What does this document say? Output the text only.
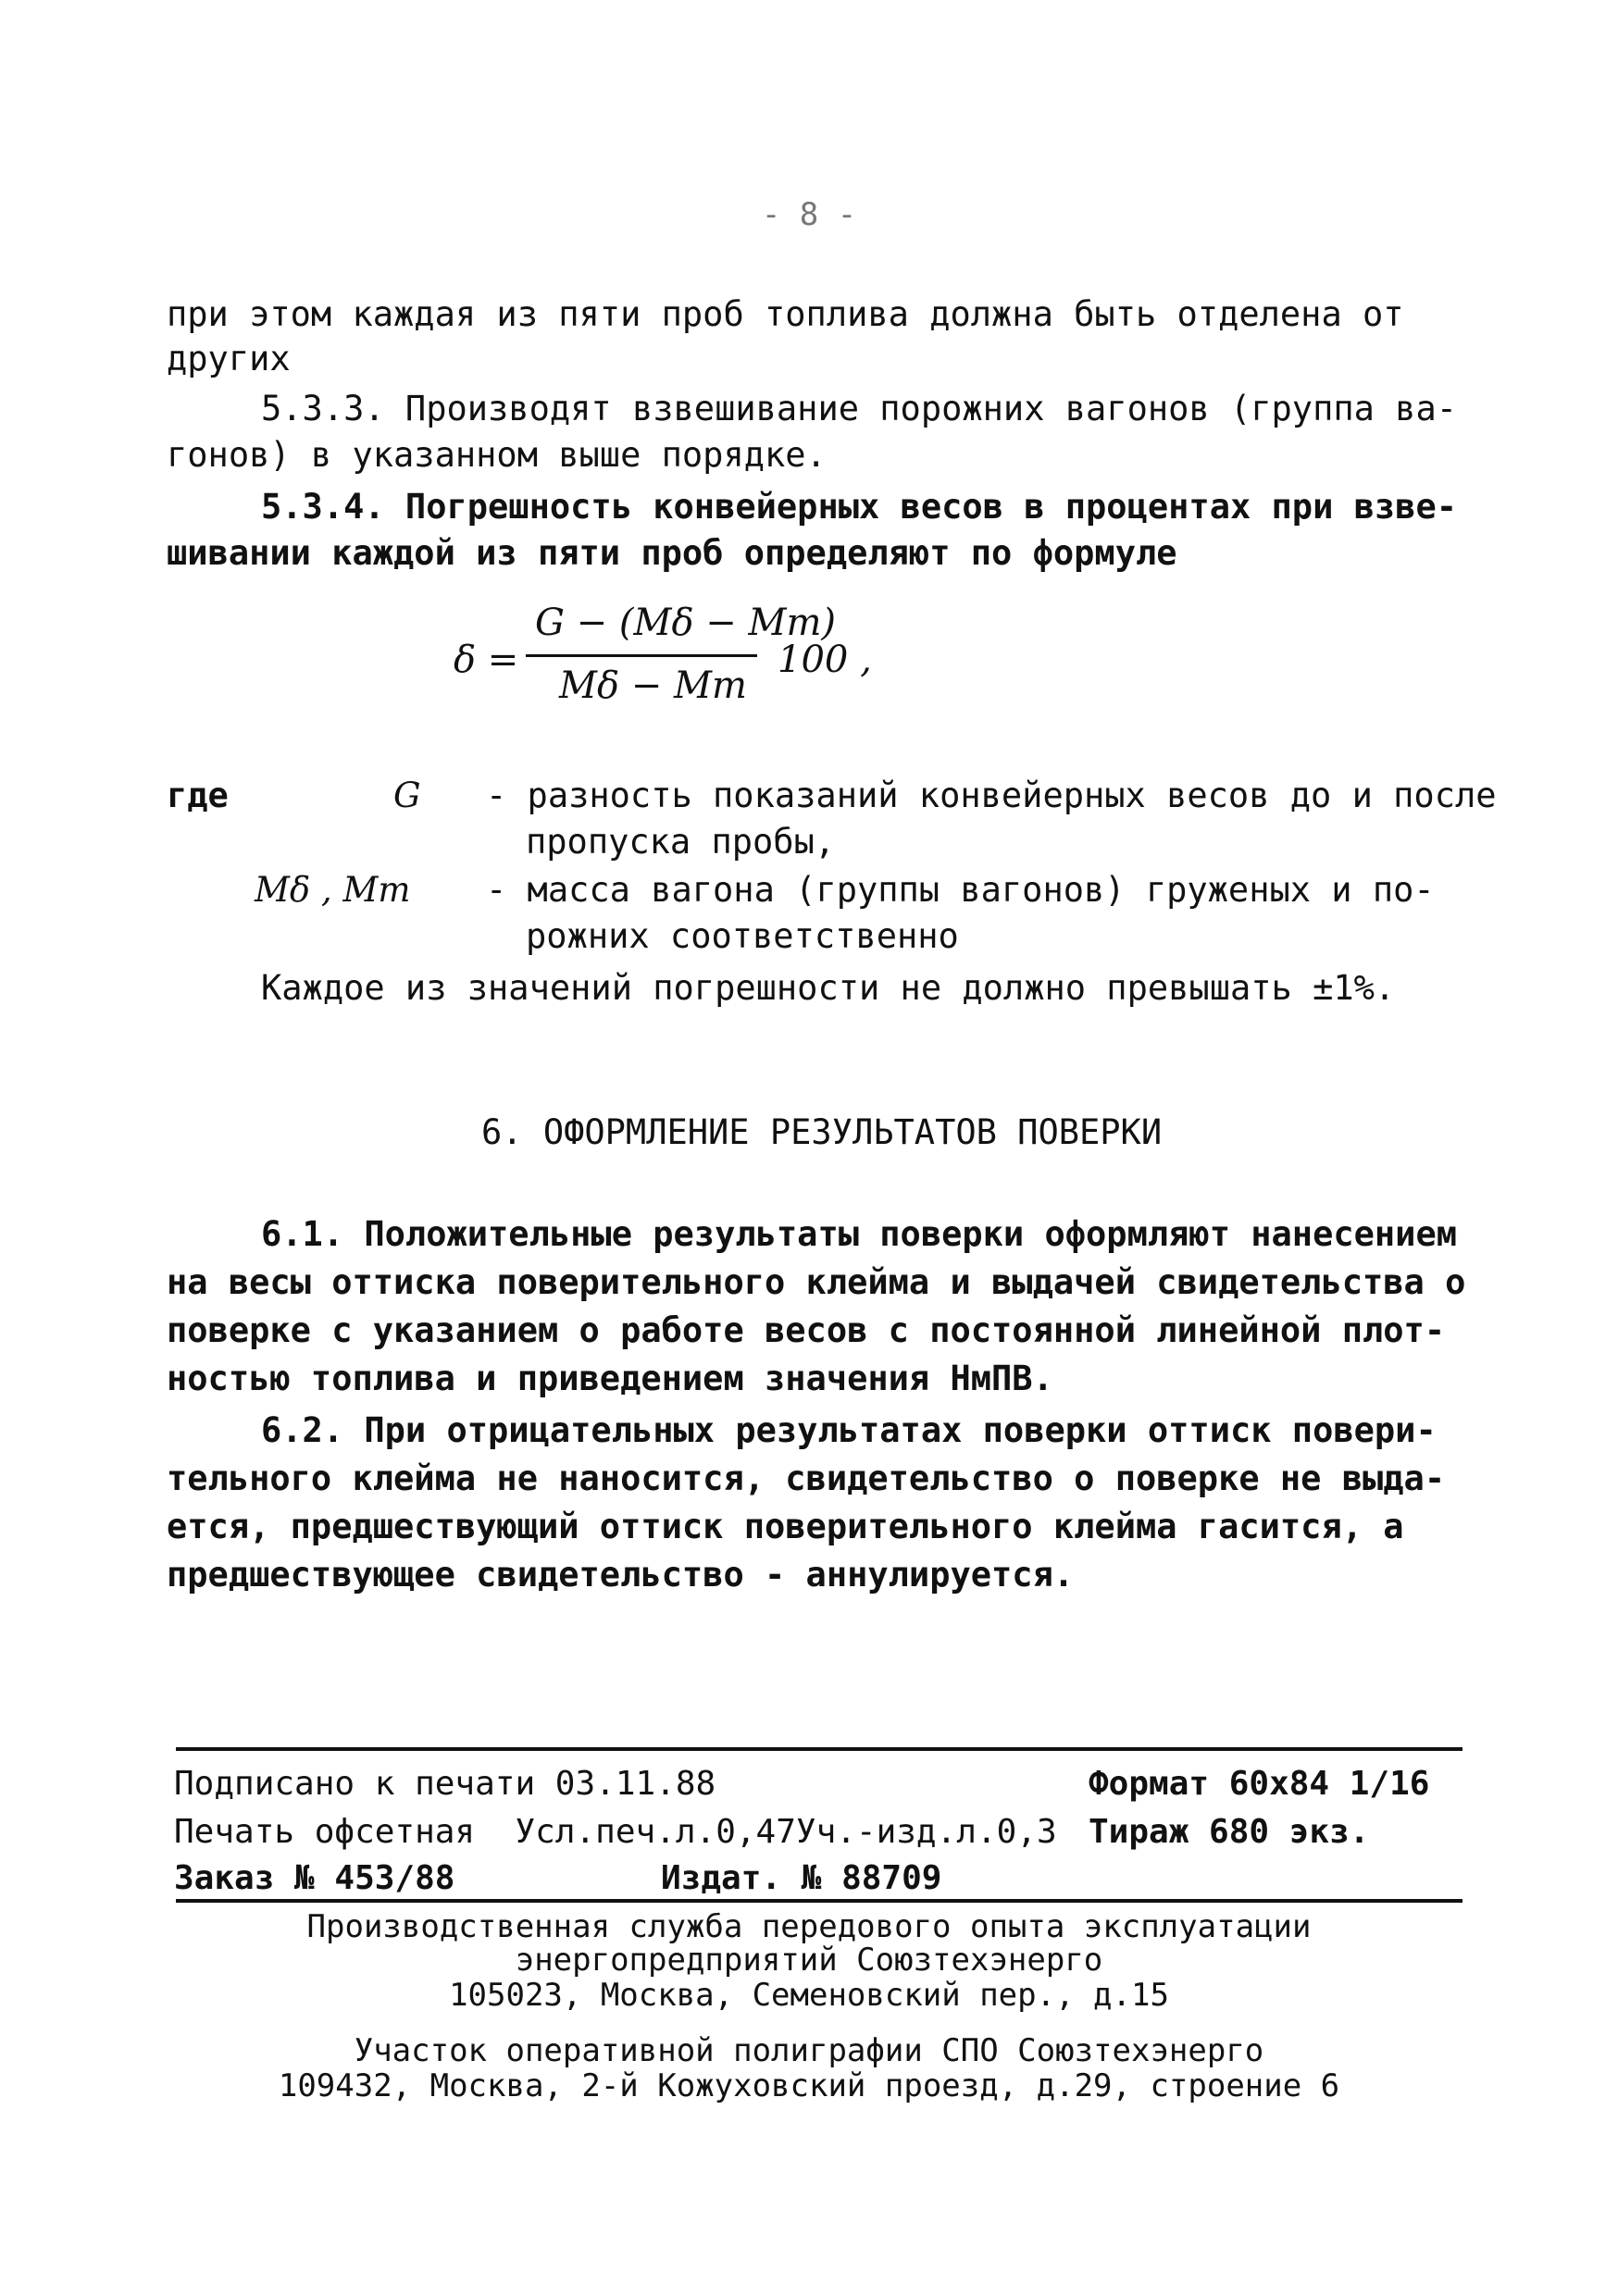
- 8 -
при этом каждая из пяти проб топлива должна быть отделена от
других
5.3.3. Производят взвешивание порожних вагонов (группа ва-
гонов) в указанном выше порядке.
5.3.4. Погрешность конвейерных весов в процентах при взве-
шивании каждой из пяти проб определяют по формуле
δ =
G − (Mδ − Mт)
Mδ − Mт
100 ,
где	G - разность показаний конвейерных весов до и после
пропуска пробы,
Mδ , Mт - масса вагона (группы вагонов) груженых и по-
рожних соответственно
Каждое из значений погрешности не должно превышать ±1%.
6. ОФОРМЛЕНИЕ РЕЗУЛЬТАТОВ ПОВЕРКИ
6.1. Положительные результаты поверки оформляют нанесением
на весы оттиска поверительного клейма и выдачей свидетельства о
поверке с указанием о работе весов с постоянной линейной плот-
ностью топлива и приведением значения НмПВ.
6.2. При отрицательных результатах поверки оттиск повери-
тельного клейма не наносится, свидетельство о поверке не выда-
ется, предшествующий оттиск поверительного клейма гасится, а
предшествующее свидетельство - аннулируется.
Подписано к печати 03.11.88	Формат 60х84 1/16
Печать офсетная  Усл.печ.л.0,47Уч.-изд.л.0,3 Тираж 680 экз.
Заказ № 453/88	Издат. № 88709
Производственная служба передового опыта эксплуатации
энергопредприятий Союзтехэнерго
105023, Москва, Семеновский пер., д.15
Участок оперативной полиграфии СПО Союзтехэнерго
109432, Москва, 2-й Кожуховский проезд, д.29, строение 6
